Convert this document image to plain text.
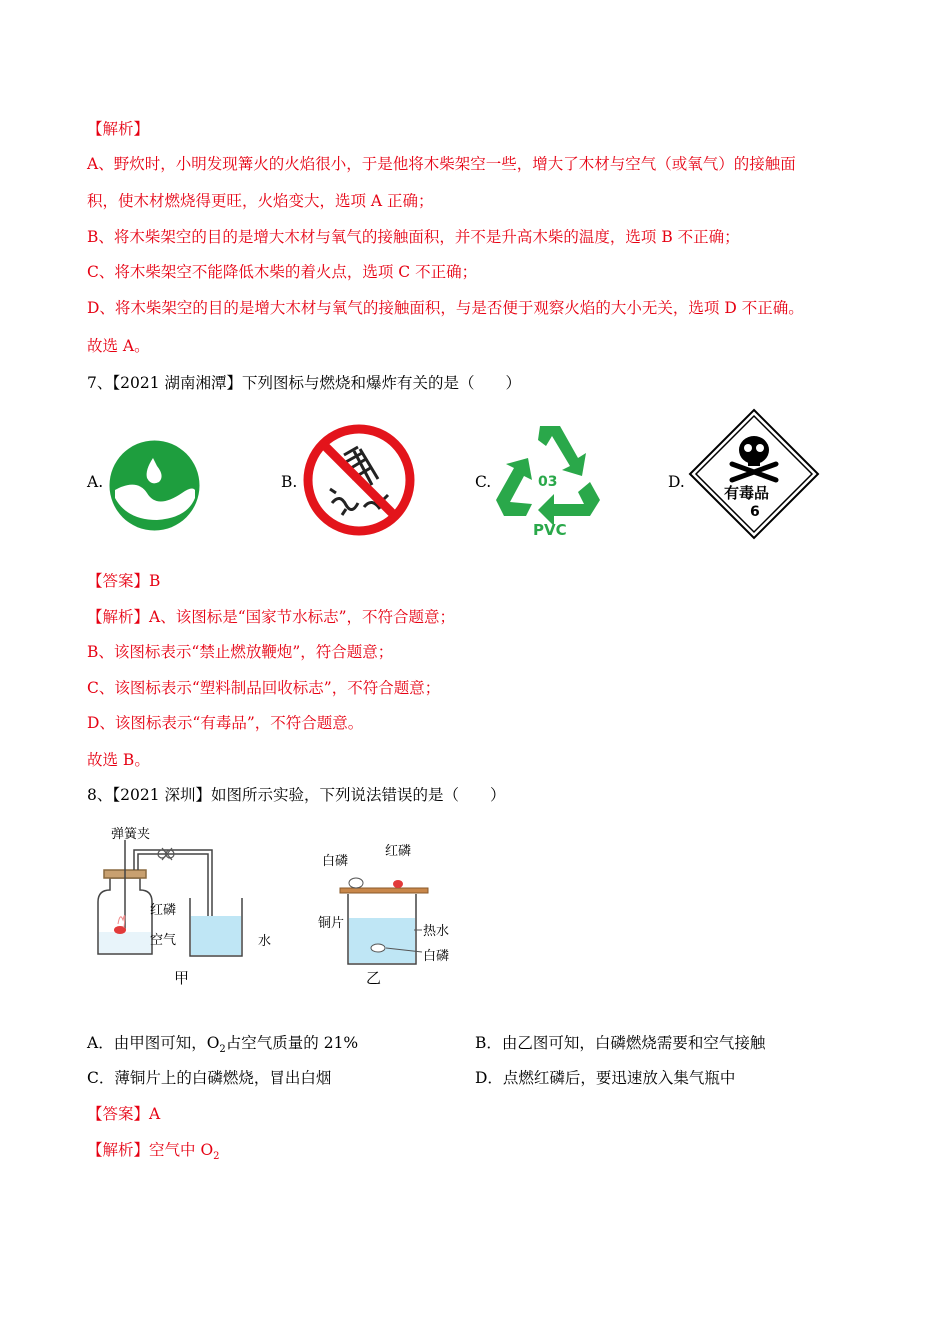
【解析】
A、野炊时，小明发现篝火的火焰很小，于是他将木柴架空一些，增大了木材与空气（或氧气）的接触面
积，使木材燃烧得更旺，火焰变大，选项 A 正确；
B、将木柴架空的目的是增大木材与氧气的接触面积，并不是升高木柴的温度，选项 B 不正确；
C、将木柴架空不能降低木柴的着火点，选项 C 不正确；
D、将木柴架空的目的是增大木材与氧气的接触面积，与是否便于观察火焰的大小无关，选项 D 不正确。
故选 A。
7、【2021 湖南湘潭】下列图标与燃烧和爆炸有关的是（　　）
A.	B.	C.	03
PVC
D.
有毒品
6
【答案】B
【解析】A、该图标是“国家节水标志”，不符合题意；
B、该图标表示“禁止燃放鞭炮”，符合题意；
C、该图标表示“塑料制品回收标志”，不符合题意；
D、该图标表示“有毒品”，不符合题意。
故选 B。
8、【2021 深圳】如图所示实验，下列说法错误的是（　　）
弹簧夹
红磷
空气	水
甲
白磷
红磷
铜片
热水
白磷
乙
A．由甲图可知，$O_2$占空气质量的 21%	B．由乙图可知，白磷燃烧需要和空气接触
C．薄铜片上的白磷燃烧，冒出白烟	D．点燃红磷后，要迅速放入集气瓶中
【答案】A
【解析】空气中 $O_2$
